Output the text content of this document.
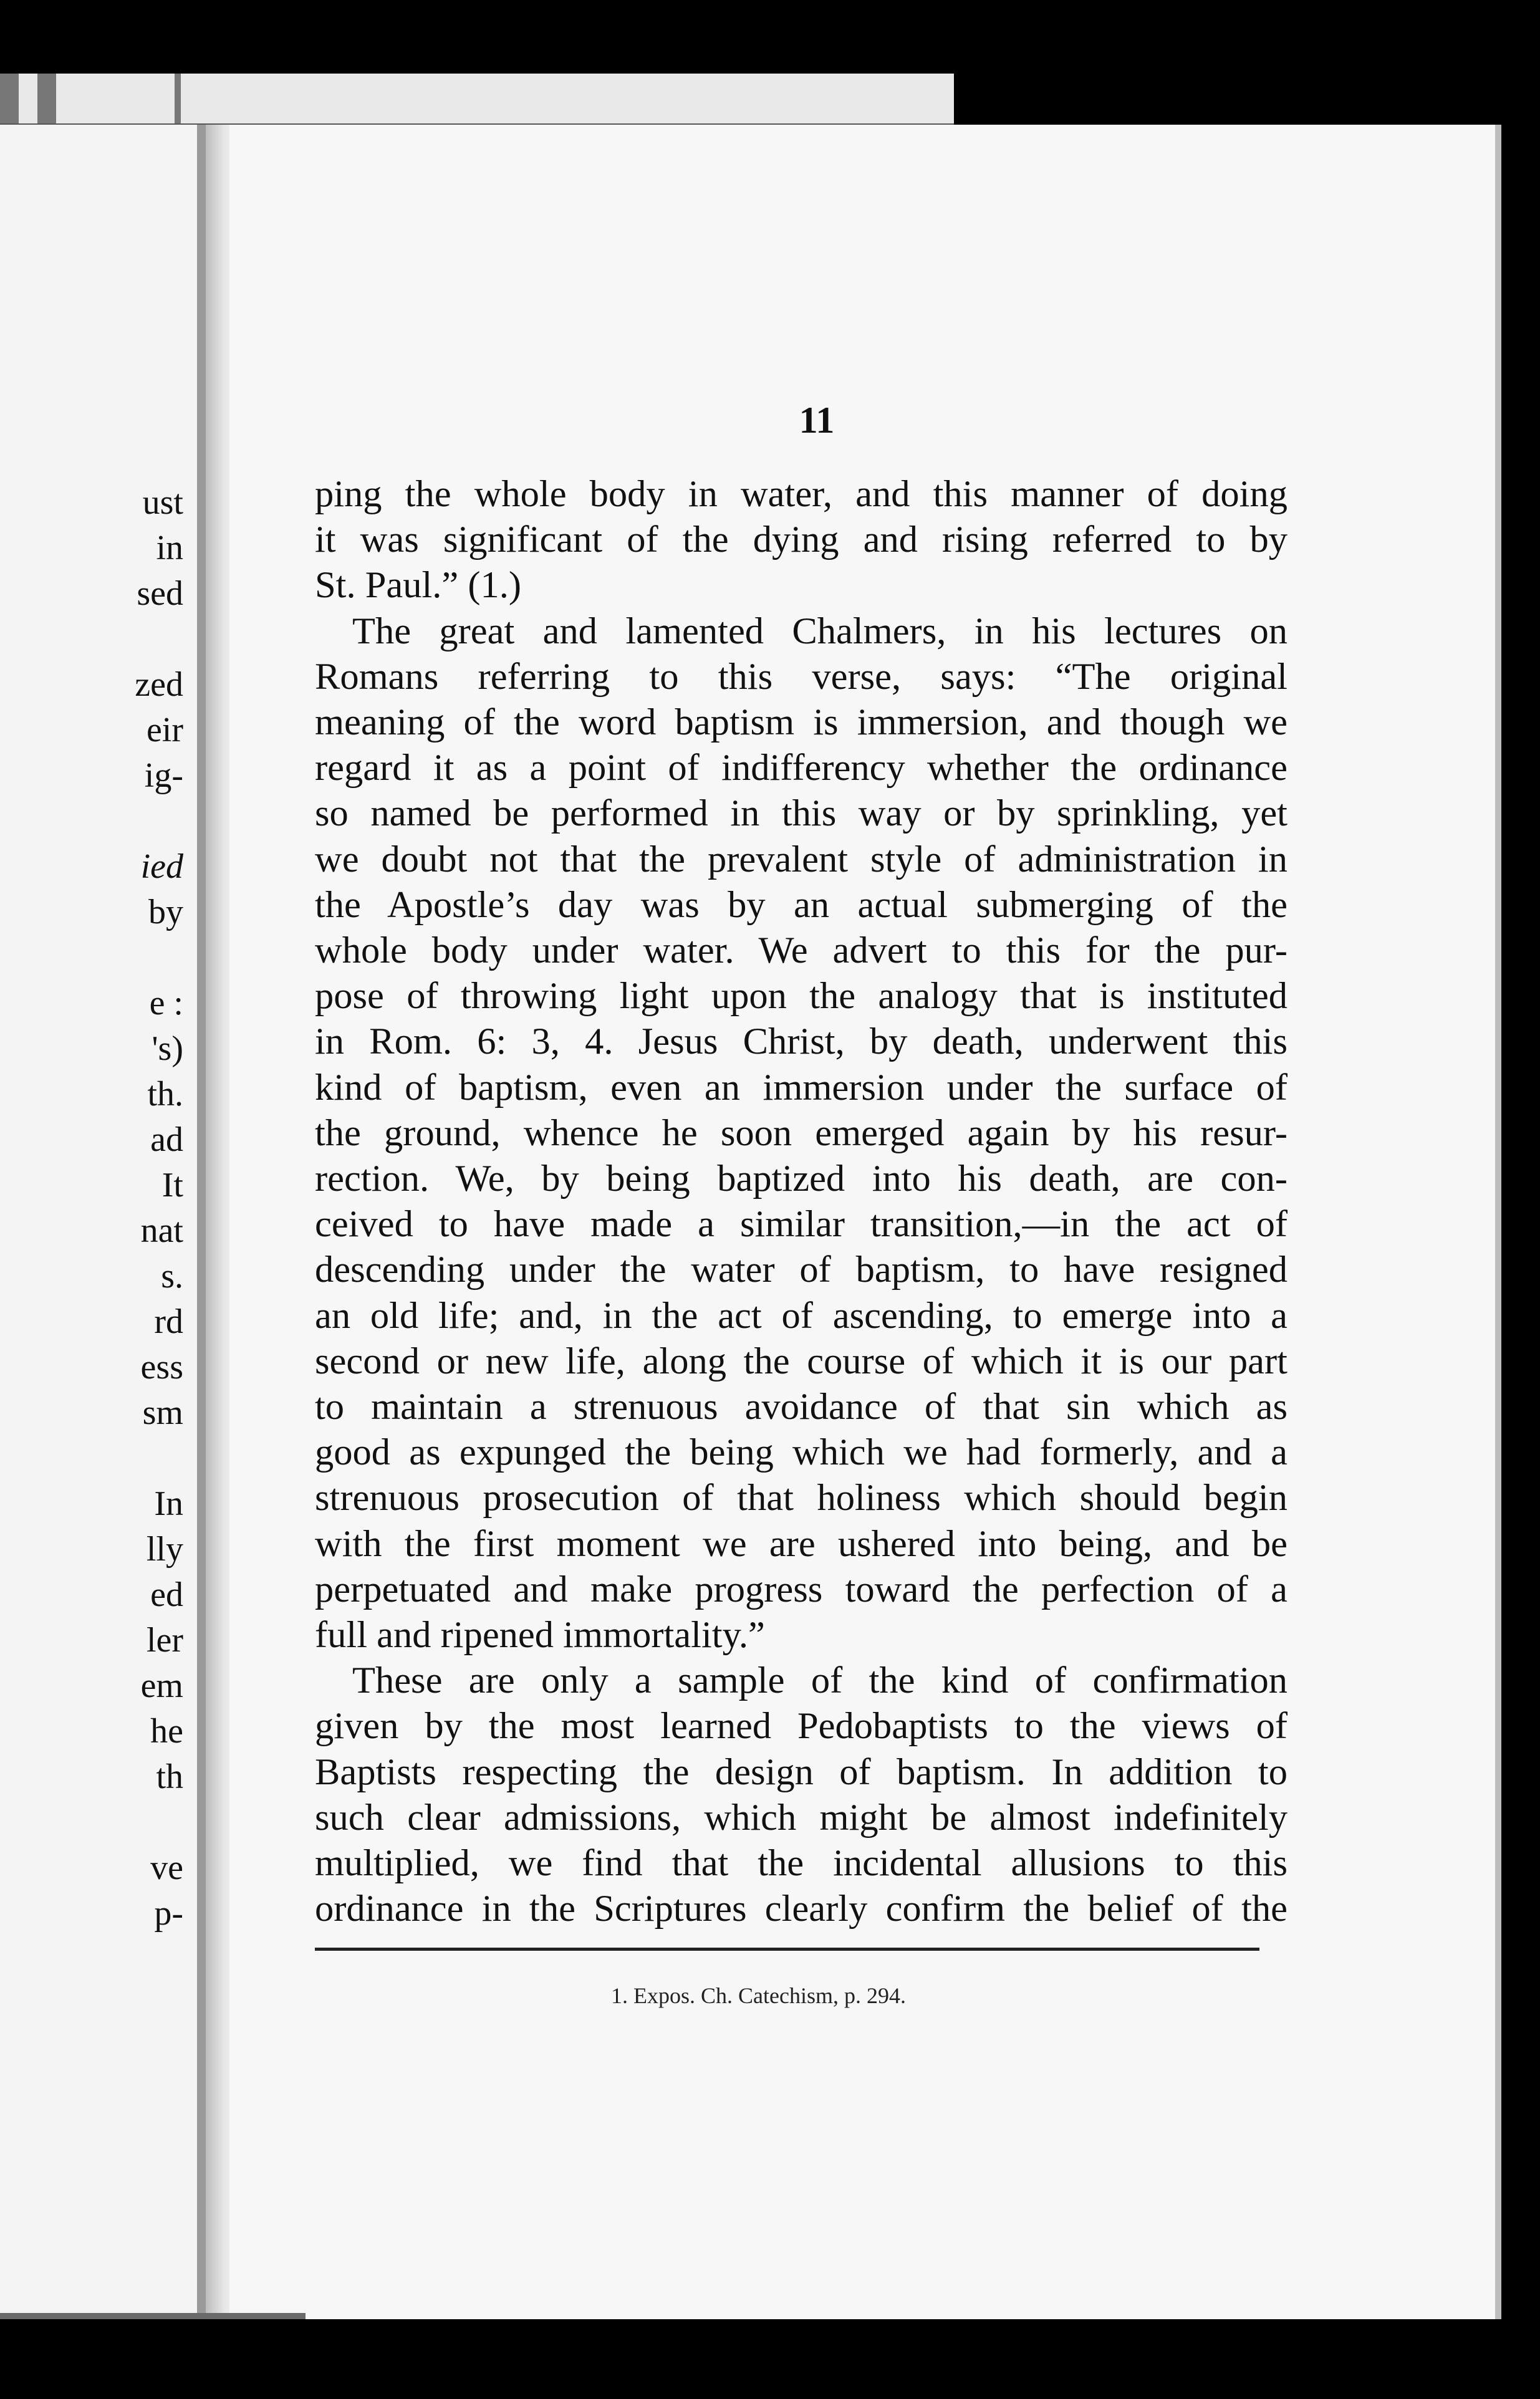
ust
in
sed
zed
eir
ig-
ied
by
e :
's)
th.
ad
It
nat
s.
rd
ess
sm
In
lly
ed
ler
em
he
th
ve
p-
11
ping the whole body in water, and this manner of doing
it was significant of the dying and rising referred to by
St. Paul.” (1.)
The great and lamented Chalmers, in his lectures on
Romans referring to this verse, says: “The original
meaning of the word baptism is immersion, and though we
regard it as a point of indifferency whether the ordinance
so named be performed in this way or by sprinkling, yet
we doubt not that the prevalent style of administration in
the Apostle’s day was by an actual submerging of the
whole body under water. We advert to this for the pur-
pose of throwing light upon the analogy that is instituted
in Rom. 6: 3, 4. Jesus Christ, by death, underwent this
kind of baptism, even an immersion under the surface of
the ground, whence he soon emerged again by his resur-
rection. We, by being baptized into his death, are con-
ceived to have made a similar transition,—in the act of
descending under the water of baptism, to have resigned
an old life; and, in the act of ascending, to emerge into a
second or new life, along the course of which it is our part
to maintain a strenuous avoidance of that sin which as
good as expunged the being which we had formerly, and a
strenuous prosecution of that holiness which should begin
with the first moment we are ushered into being, and be
perpetuated and make progress toward the perfection of a
full and ripened immortality.”
These are only a sample of the kind of confirmation
given by the most learned Pedobaptists to the views of
Baptists respecting the design of baptism. In addition to
such clear admissions, which might be almost indefinitely
multiplied, we find that the incidental allusions to this
ordinance in the Scriptures clearly confirm the belief of the
1. Expos. Ch. Catechism, p. 294.
